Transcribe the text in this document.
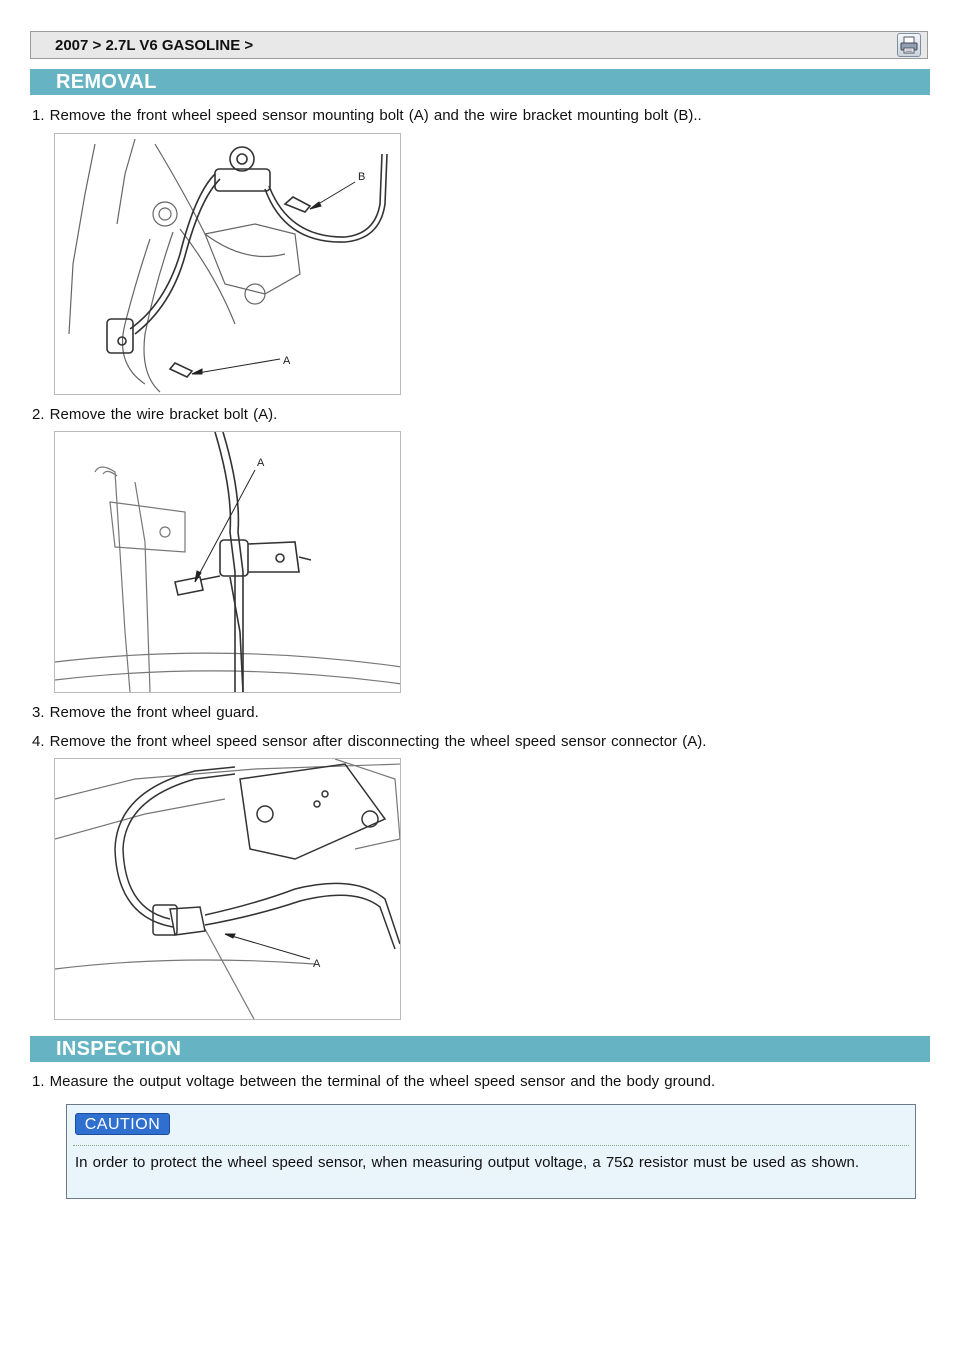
2007 > 2.7L V6 GASOLINE >
REMOVAL
1. Remove the front wheel speed sensor mounting bolt (A) and the wire bracket mounting bolt (B)..
B
A
2. Remove the wire bracket bolt (A).
A
3. Remove the front wheel guard.
4. Remove the front wheel speed sensor after disconnecting the wheel speed sensor connector (A).
A
INSPECTION
1. Measure the output voltage between the terminal of the wheel speed sensor and the body ground.
CAUTION
In order to protect the wheel speed sensor, when measuring output voltage, a 75Ω resistor must be used as shown.
